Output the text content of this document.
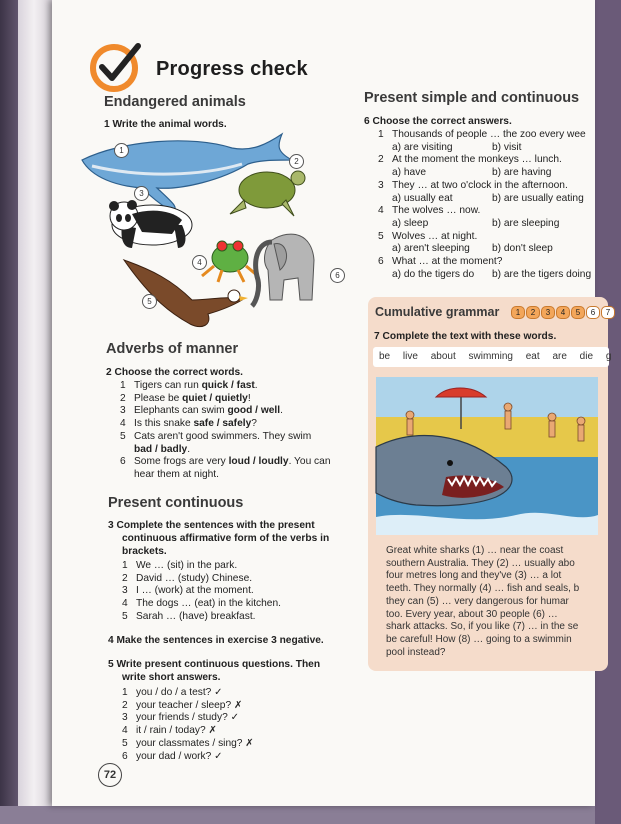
Progress check
Endangered animals
1 Write the animal words.
1
2
3
4
5
6
Adverbs of manner
2 Choose the correct words.
1 Tigers can run quick / fast.
2 Please be quiet / quietly!
3 Elephants can swim good / well.
4 Is this snake safe / safely?
5 Cats aren't good swimmers. They swim
bad / badly.
6 Some frogs are very loud / loudly. You can
hear them at night.
Present continuous
3 Complete the sentences with the present
continuous affirmative form of the verbs in
brackets.
1 We … (sit) in the park.
2 David … (study) Chinese.
3 I … (work) at the moment.
4 The dogs … (eat) in the kitchen.
5 Sarah … (have) breakfast.
4 Make the sentences in exercise 3 negative.
5 Write present continuous questions. Then
write short answers.
1 you / do / a test? ✓
2 your teacher / sleep? ✗
3 your friends / study? ✓
4 it / rain / today? ✗
5 your classmates / sing? ✗
6 your dad / work? ✓
72
Present simple and continuous
6 Choose the correct answers.
1 Thousands of people … the zoo every wee
a) are visiting	b) visit
2 At the moment the monkeys … lunch.
a) have	b) are having
3 They … at two o'clock in the afternoon.
a) usually eat	b) are usually eating
4 The wolves … now.
a) sleep	b) are sleeping
5 Wolves … at night.
a) aren't sleeping b) don't sleep
6 What … at the moment?
a) do the tigers do b) are the tigers doing
Cumulative grammar	1	2	3	4	5	6	7
7 Complete the text with these words.
be live about swimming eat are die g
Great white sharks (1) … near the coast
southern Australia. They (2) … usually abo
four metres long and they've (3) … a lot
teeth. They normally (4) … fish and seals, b
they can (5) … very dangerous for humar
too. Every year, about 30 people (6) …
shark attacks. So, if you like (7) … in the se
be careful! How (8) … going to a swimmin
pool instead?
